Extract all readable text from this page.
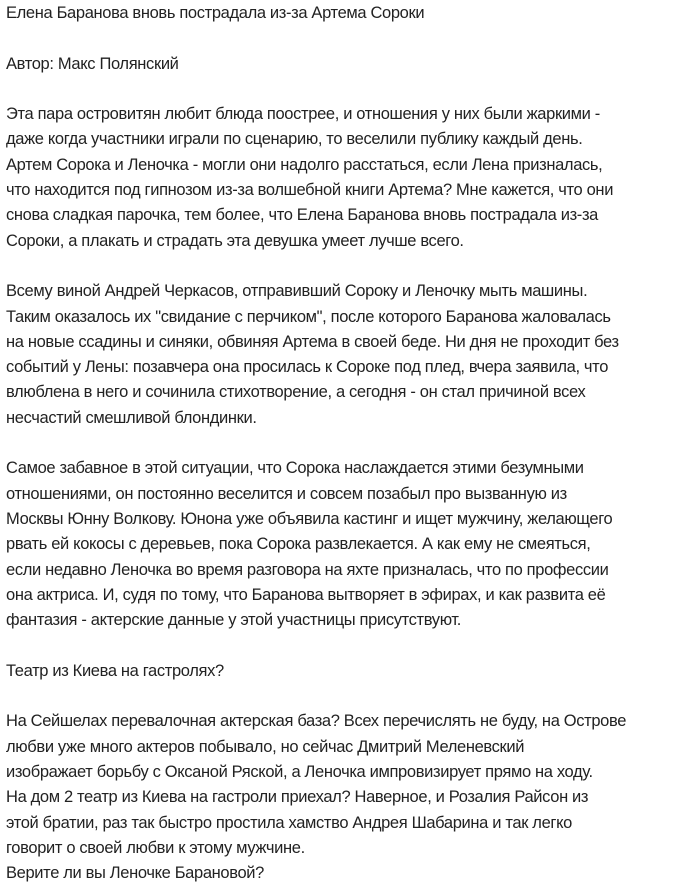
Елена Баранова вновь пострадала из-за Артема Сороки
Автор: Макс Полянский
Эта пара островитян любит блюда поострее, и отношения у них были жаркими -
даже когда участники играли по сценарию, то веселили публику каждый день.
Артем Сорока и Леночка - могли они надолго расстаться, если Лена призналась,
что находится под гипнозом из-за волшебной книги Артема? Мне кажется, что они
снова сладкая парочка, тем более, что Елена Баранова вновь пострадала из-за
Сороки, а плакать и страдать эта девушка умеет лучше всего.
Всему виной Андрей Черкасов, отправивший Сороку и Леночку мыть машины.
Таким оказалось их "свидание с перчиком", после которого Баранова жаловалась
на новые ссадины и синяки, обвиняя Артема в своей беде. Ни дня не проходит без
событий у Лены: позавчера она просилась к Сороке под плед, вчера заявила, что
влюблена в него и сочинила стихотворение, а сегодня - он стал причиной всех
несчастий смешливой блондинки.
Самое забавное в этой ситуации, что Сорока наслаждается этими безумными
отношениями, он постоянно веселится и совсем позабыл про вызванную из
Москвы Юнну Волкову. Юнона уже объявила кастинг и ищет мужчину, желающего
рвать ей кокосы с деревьев, пока Сорока развлекается. А как ему не смеяться,
если недавно Леночка во время разговора на яхте призналась, что по профессии
она актриса. И, судя по тому, что Баранова вытворяет в эфирах, и как развита её
фантазия - актерские данные у этой участницы присутствуют.
Театр из Киева на гастролях?
На Сейшелах перевалочная актерская база? Всех перечислять не буду, на Острове
любви уже много актеров побывало, но сейчас Дмитрий Меленевский
изображает борьбу с Оксаной Ряской, а Леночка импровизирует прямо на ходу.
На дом 2 театр из Киева на гастроли приехал? Наверное, и Розалия Райсон из
этой братии, раз так быстро простила хамство Андрея Шабарина и так легко
говорит о своей любви к этому мужчине.
Верите ли вы Леночке Барановой?
